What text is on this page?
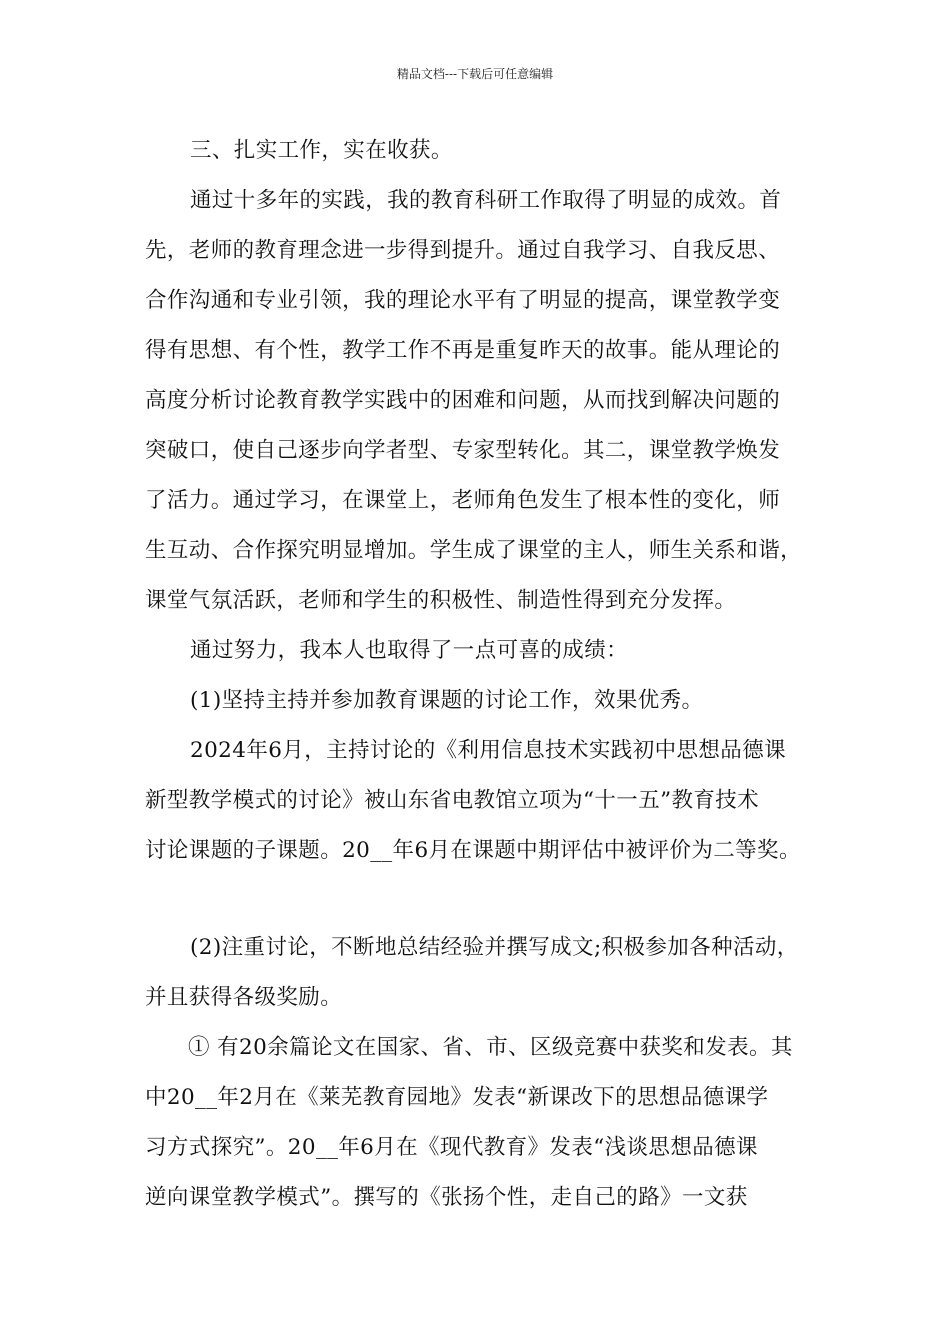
精品文档---下载后可任意编辑
三、扎实工作，实在收获。
通过十多年的实践，我的教育科研工作取得了明显的成效。首
先，老师的教育理念进一步得到提升。通过自我学习、自我反思、
合作沟通和专业引领，我的理论水平有了明显的提高，课堂教学变
得有思想、有个性，教学工作不再是重复昨天的故事。能从理论的
高度分析讨论教育教学实践中的困难和问题，从而找到解决问题的
突破口，使自己逐步向学者型、专家型转化。其二，课堂教学焕发
了活力。通过学习，在课堂上，老师角色发生了根本性的变化，师
生互动、合作探究明显增加。学生成了课堂的主人，师生关系和谐，
课堂气氛活跃，老师和学生的积极性、制造性得到充分发挥。
通过努力，我本人也取得了一点可喜的成绩：
(1)坚持主持并参加教育课题的讨论工作，效果优秀。
2024年6月，主持讨论的《利用信息技术实践初中思想品德课
新型教学模式的讨论》被山东省电教馆立项为“十一五”教育技术
讨论课题的子课题。20__年6月在课题中期评估中被评价为二等奖。
(2)注重讨论，不断地总结经验并撰写成文;积极参加各种活动，
并且获得各级奖励。
① 有20余篇论文在国家、省、市、区级竞赛中获奖和发表。其
中20__年2月在《莱芜教育园地》发表“新课改下的思想品德课学
习方式探究”。20__年6月在《现代教育》发表“浅谈思想品德课
逆向课堂教学模式”。撰写的《张扬个性，走自己的路》一文获
